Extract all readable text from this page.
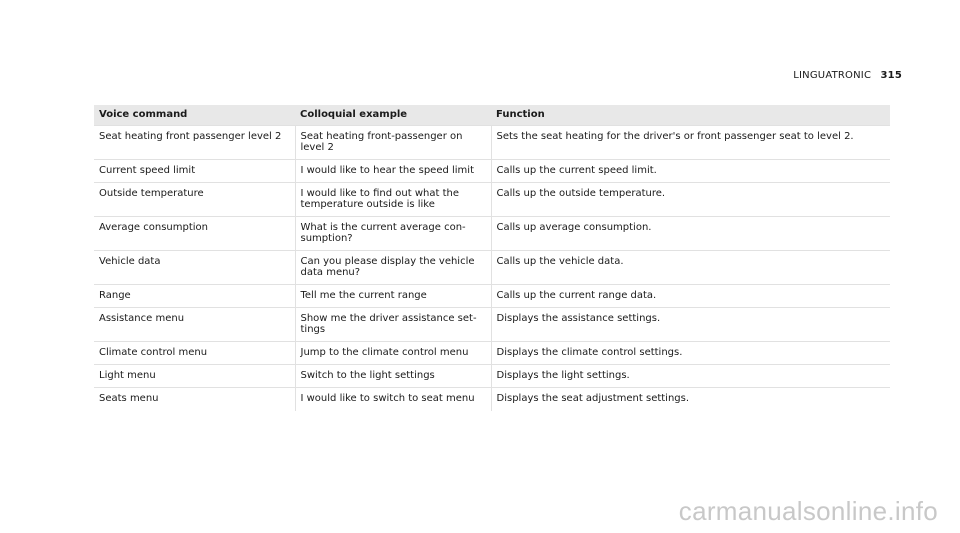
LINGUATRONIC 315
Voice command	Colloquial example	Function
Seat heating front passenger level 2	Seat heating front-passenger on level 2	Sets the seat heating for the driver's or front passenger seat to level 2.
Current speed limit	I would like to hear the speed limit	Calls up the current speed limit.
Outside temperature	I would like to find out what the temperature outside is like	Calls up the outside temperature.
Average consumption	What is the current average con-sumption?	Calls up average consumption.
Vehicle data	Can you please display the vehicle data menu?	Calls up the vehicle data.
Range	Tell me the current range	Calls up the current range data.
Assistance menu	Show me the driver assistance set-tings	Displays the assistance settings.
Climate control menu	Jump to the climate control menu	Displays the climate control settings.
Light menu	Switch to the light settings	Displays the light settings.
Seats menu	I would like to switch to seat menu	Displays the seat adjustment settings.
carmanualsonline.info
